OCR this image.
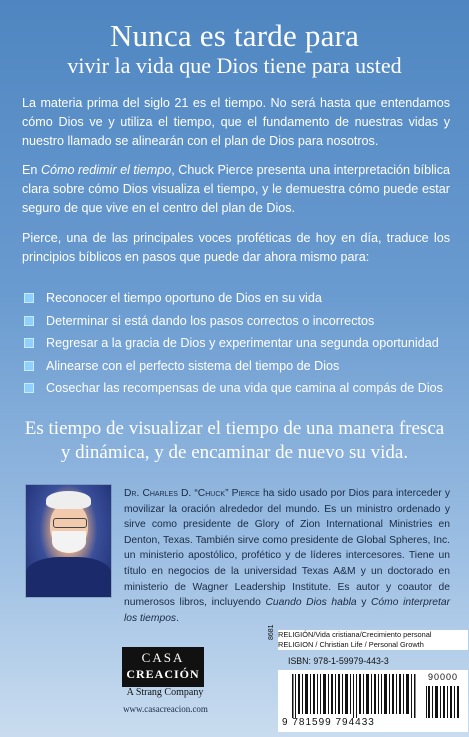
Nunca es tarde para
vivir la vida que Dios tiene para usted
La materia prima del siglo 21 es el tiempo. No será hasta que entendamos cómo Dios ve y utiliza el tiempo, que el fundamento de nuestras vidas y nuestro llamado se alinearán con el plan de Dios para nosotros.
En Cómo redimir el tiempo, Chuck Pierce presenta una interpretación bíblica clara sobre cómo Dios visualiza el tiempo, y le demuestra cómo puede estar seguro de que vive en el centro del plan de Dios.
Pierce, una de las principales voces proféticas de hoy en día, traduce los principios bíblicos en pasos que puede dar ahora mismo para:
Reconocer el tiempo oportuno de Dios en su vida
Determinar si está dando los pasos correctos o incorrectos
Regresar a la gracia de Dios y experimentar una segunda oportunidad
Alinearse con el perfecto sistema del tiempo de Dios
Cosechar las recompensas de una vida que camina al compás de Dios
Es tiempo de visualizar el tiempo de una manera fresca
y dinámica, y de encaminar de nuevo su vida.
Dr. Charles D. “Chuck” Pierce ha sido usado por Dios para interceder y movilizar la oración alrededor del mundo. Es un ministro ordenado y sirve como presidente de Glory of Zion International Ministries en Denton, Texas. También sirve como presidente de Global Spheres, Inc. un ministerio apostólico, profético y de líderes intercesores. Tiene un título en negocios de la universidad Texas A&M y un doctorado en ministerio de Wagner Leadership Institute. Es autor y coautor de numerosos libros, incluyendo Cuando Dios habla y Cómo interpretar los tiempos.
CASA
CREACIÓN
A Strang Company
www.casacreacion.com
RELIGIÓN/Vida cristiana/Crecimiento personal
RELIGION / Christian Life / Personal Growth
ISBN: 978-1-59979-443-3
8681
90000
9 781599 794433
